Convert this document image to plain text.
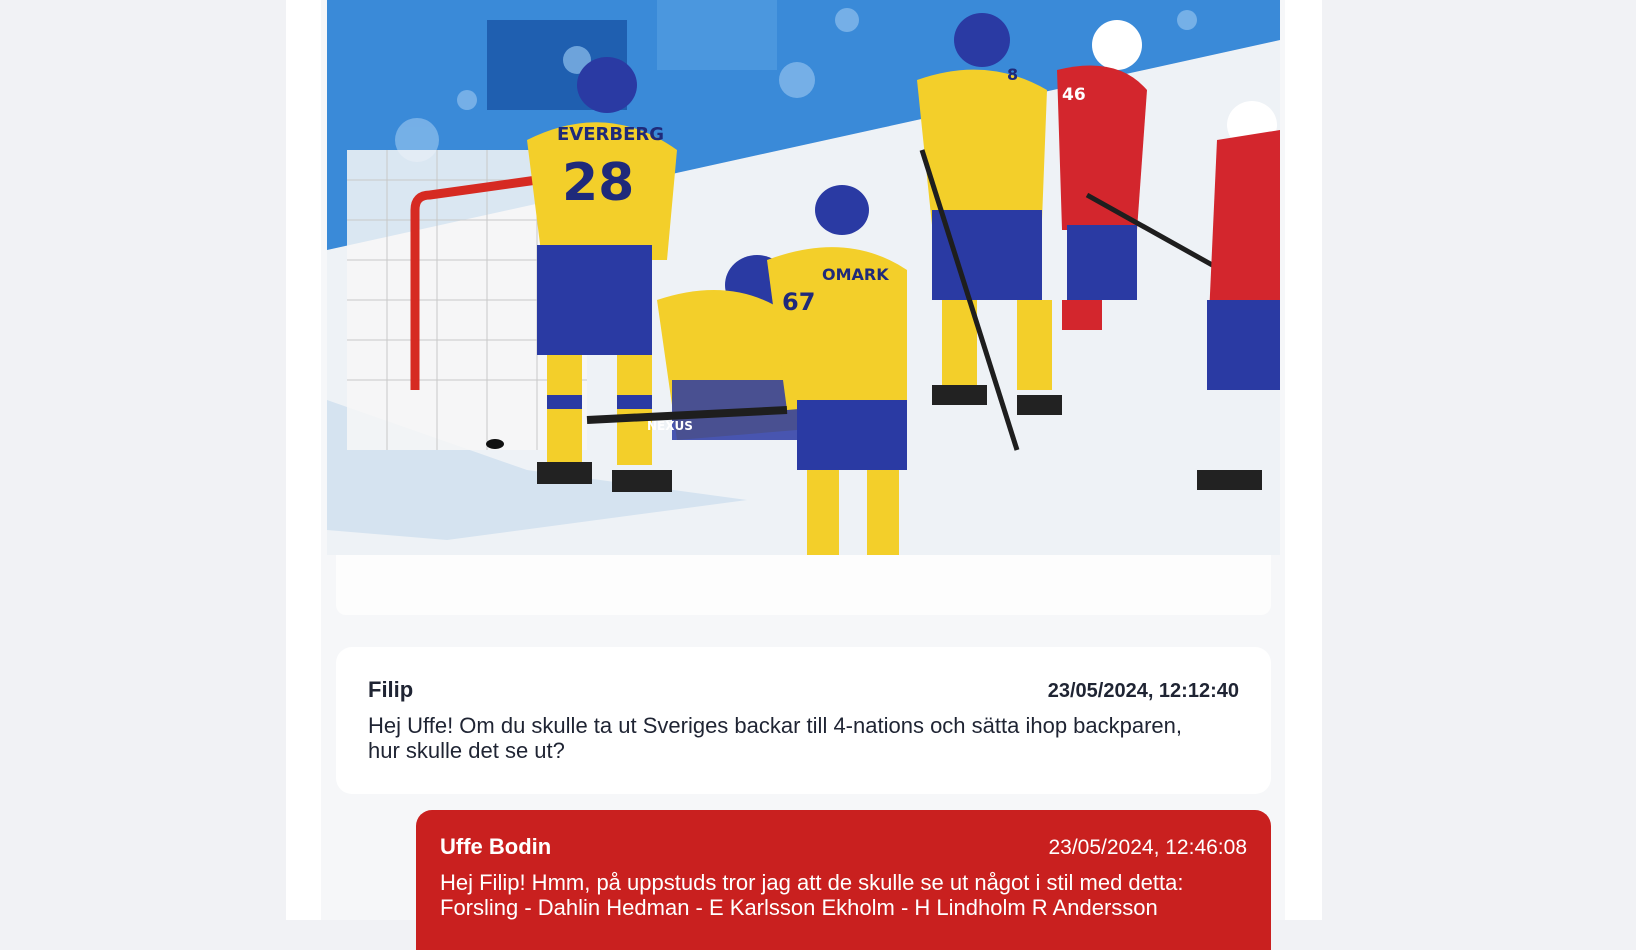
EVERBERG
28
OMARK
67
NEXUS
8
46
Filip	23/05/2024, 12:12:40
Hej Uffe! Om du skulle ta ut Sveriges backar till 4-nations och sätta ihop backparen,
hur skulle det se ut?
Uffe Bodin	23/05/2024, 12:46:08
Hej Filip! Hmm, på uppstuds tror jag att de skulle se ut något i stil med detta:
Forsling - Dahlin Hedman - E Karlsson Ekholm - H Lindholm R Andersson
